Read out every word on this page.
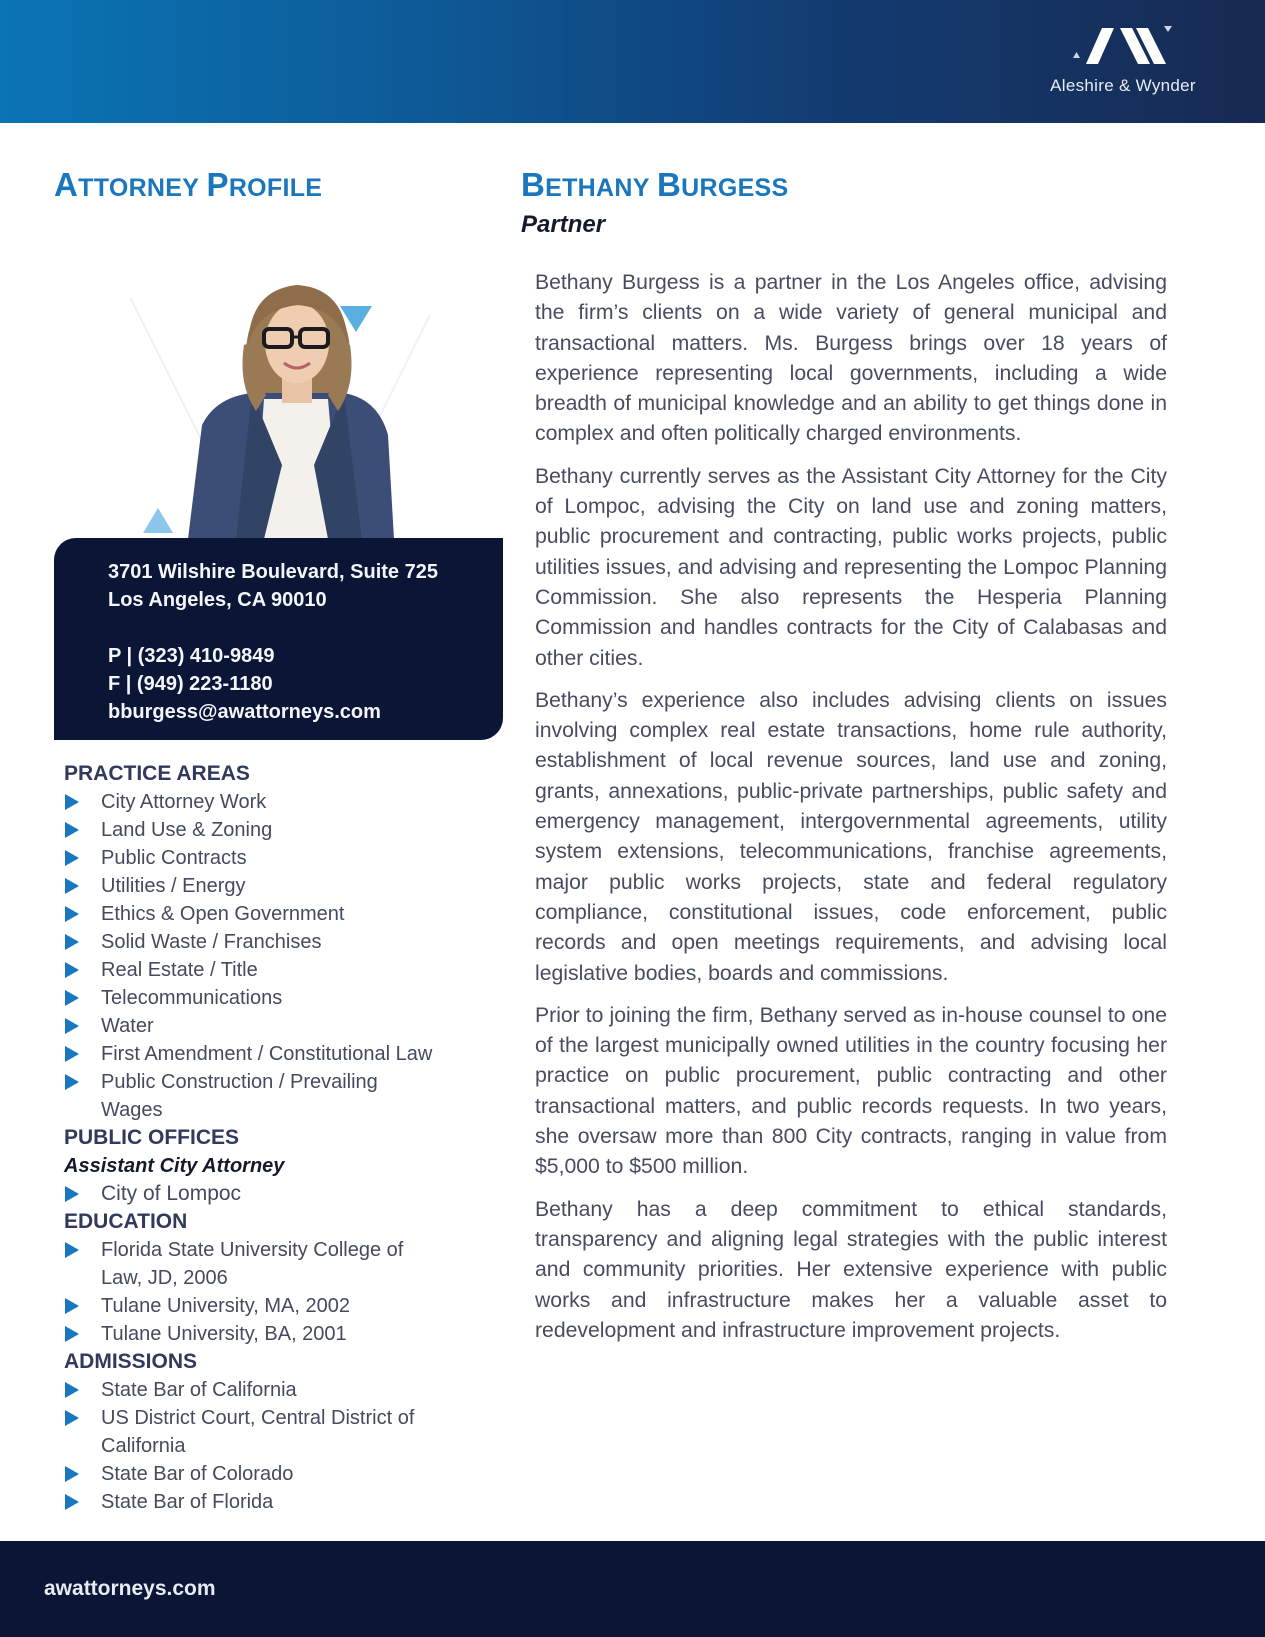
Aleshire & Wynder
ATTORNEY PROFILE	BETHANY BURGESS
Partner
3701 Wilshire Boulevard, Suite 725
Los Angeles, CA 90010
P | (323) 410-9849
F | (949) 223-1180
bburgess@awattorneys.com
PRACTICE AREAS
City Attorney Work
Land Use & Zoning
Public Contracts
Utilities / Energy
Ethics & Open Government
Solid Waste / Franchises
Real Estate / Title
Telecommunications
Water
First Amendment / Constitutional Law
Public Construction / Prevailing Wages
PUBLIC OFFICES
Assistant City Attorney
City of Lompoc
EDUCATION
Florida State University College of Law, JD, 2006
Tulane University, MA, 2002
Tulane University, BA, 2001
ADMISSIONS
State Bar of California
US District Court, Central District of California
State Bar of Colorado
State Bar of Florida

Bethany Burgess is a partner in the Los Angeles office, advising the firm’s clients on a wide variety of general municipal and transactional matters. Ms. Burgess brings over 18 years of experience representing local governments, including a wide breadth of municipal knowledge and an ability to get things done in complex and often politically charged environments.

Bethany currently serves as the Assistant City Attorney for the City of Lompoc, advising the City on land use and zoning matters, public procurement and contracting, public works projects, public utilities issues, and advising and representing the Lompoc Planning Commission. She also represents the Hesperia Planning Commission and handles contracts for the City of Calabasas and other cities.

Bethany’s experience also includes advising clients on issues involving complex real estate transactions, home rule authority, establishment of local revenue sources, land use and zoning, grants, annexations, public-private partnerships, public safety and emergency management, intergovernmental agreements, utility system extensions, telecommunications, franchise agreements, major public works projects, state and federal regulatory compliance, constitutional issues, code enforcement, public records and open meetings requirements, and advising local legislative bodies, boards and commissions.

Prior to joining the firm, Bethany served as in-house counsel to one of the largest municipally owned utilities in the country focusing her practice on public procurement, public contracting and other transactional matters, and public records requests. In two years, she oversaw more than 800 City contracts, ranging in value from $5,000 to $500 million.

Bethany has a deep commitment to ethical standards, transparency and aligning legal strategies with the public interest and community priorities. Her extensive experience with public works and infrastructure makes her a valuable asset to redevelopment and infrastructure improvement projects.

awattorneys.com
